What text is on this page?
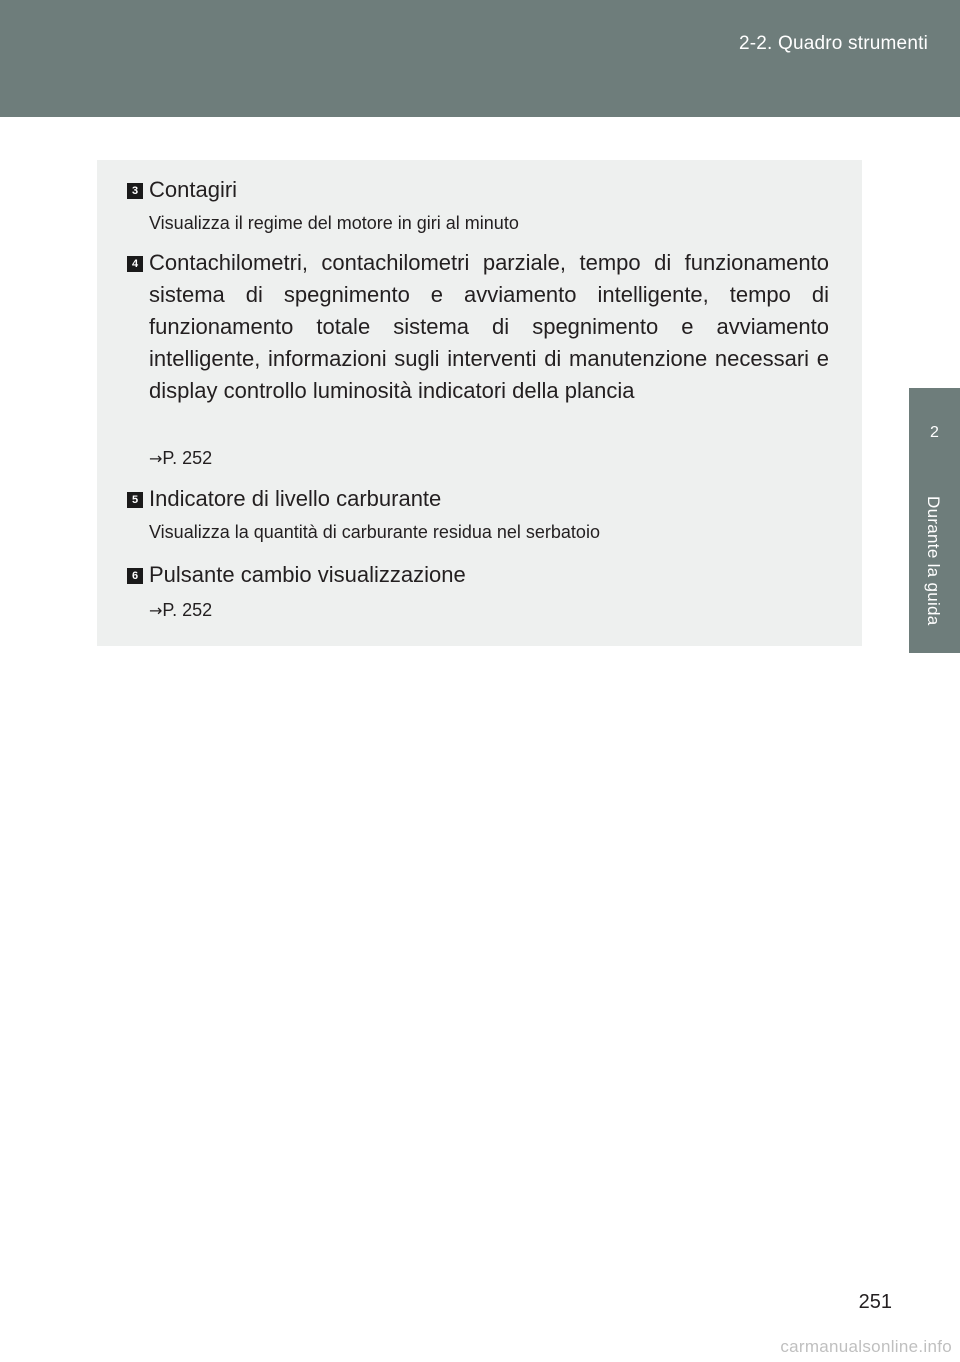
2-2. Quadro strumenti
2
Durante la guida
3 Contagiri
Visualizza il regime del motore in giri al minuto
4 Contachilometri, contachilometri parziale, tempo di funzionamento sistema di spegnimento e avviamento intelligente, tempo di funzionamento totale sistema di spegnimento e avviamento intelligente, informazioni sugli interventi di manutenzione necessari e display controllo luminosità indicatori della plancia
→P. 252
5 Indicatore di livello carburante
Visualizza la quantità di carburante residua nel serbatoio
6 Pulsante cambio visualizzazione
→P. 252
251
carmanualsonline.info
